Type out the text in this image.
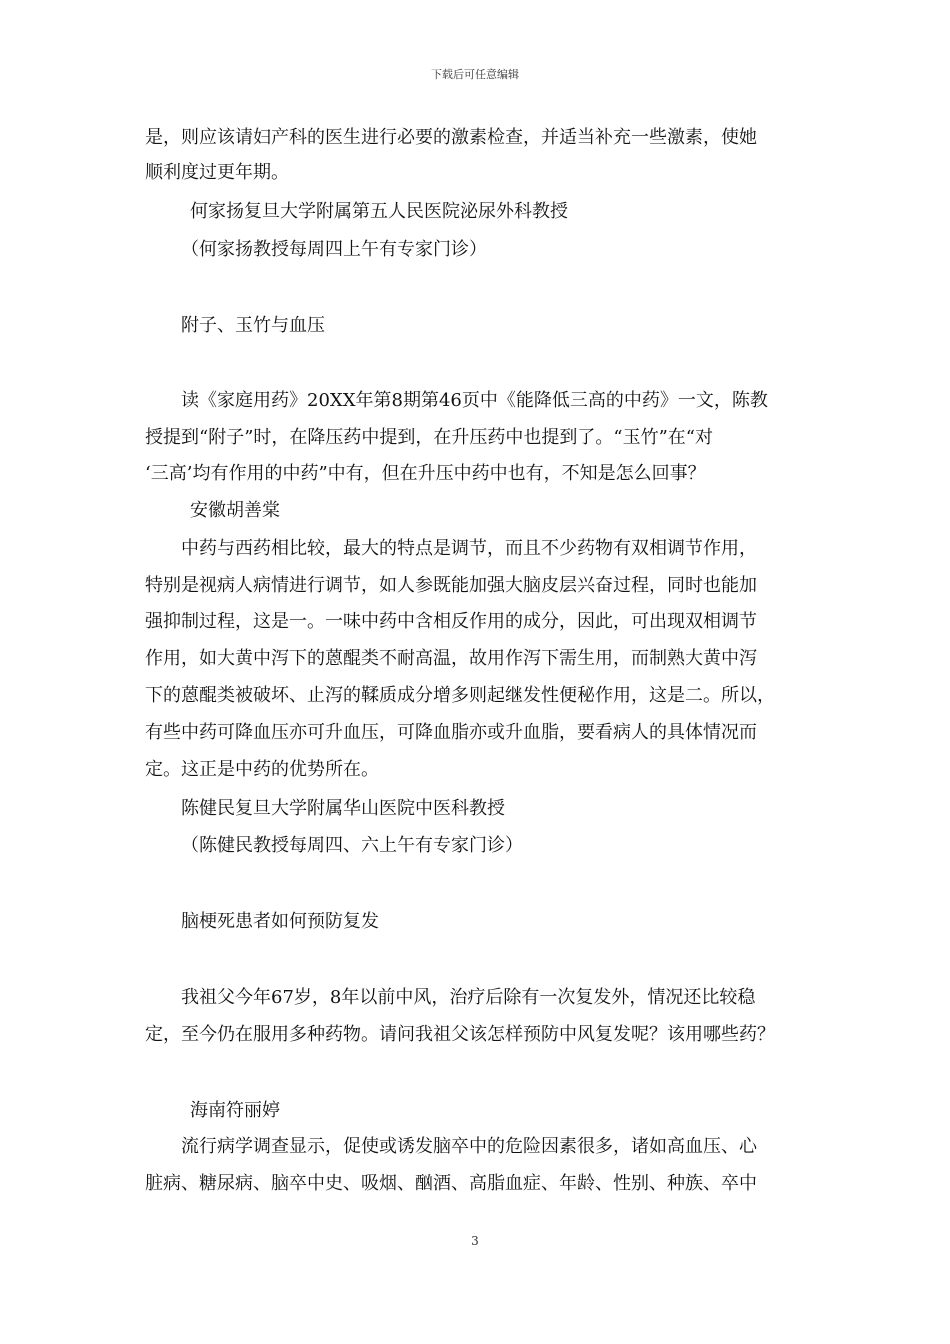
下载后可任意编辑
是，则应该请妇产科的医生进行必要的激素检查，并适当补充一些激素，使她
顺利度过更年期。
何家扬复旦大学附属第五人民医院泌尿外科教授
（何家扬教授每周四上午有专家门诊）
附子、玉竹与血压
读《家庭用药》20XX年第8期第46页中《能降低三高的中药》一文，陈教
授提到“附子”时，在降压药中提到，在升压药中也提到了。“玉竹”在“对
‘三高’均有作用的中药”中有，但在升压中药中也有，不知是怎么回事？
安徽胡善棠
中药与西药相比较，最大的特点是调节，而且不少药物有双相调节作用，
特别是视病人病情进行调节，如人参既能加强大脑皮层兴奋过程，同时也能加
强抑制过程，这是一。一味中药中含相反作用的成分，因此，可出现双相调节
作用，如大黄中泻下的蒽醌类不耐高温，故用作泻下需生用，而制熟大黄中泻
下的蒽醌类被破坏、止泻的鞣质成分增多则起继发性便秘作用，这是二。所以，
有些中药可降血压亦可升血压，可降血脂亦或升血脂，要看病人的具体情况而
定。这正是中药的优势所在。
陈健民复旦大学附属华山医院中医科教授
（陈健民教授每周四、六上午有专家门诊）
脑梗死患者如何预防复发
我祖父今年67岁，8年以前中风，治疗后除有一次复发外，情况还比较稳
定，至今仍在服用多种药物。请问我祖父该怎样预防中风复发呢？该用哪些药？
海南符丽婷
流行病学调查显示，促使或诱发脑卒中的危险因素很多，诸如高血压、心
脏病、糖尿病、脑卒中史、吸烟、酗酒、高脂血症、年龄、性别、种族、卒中
3
